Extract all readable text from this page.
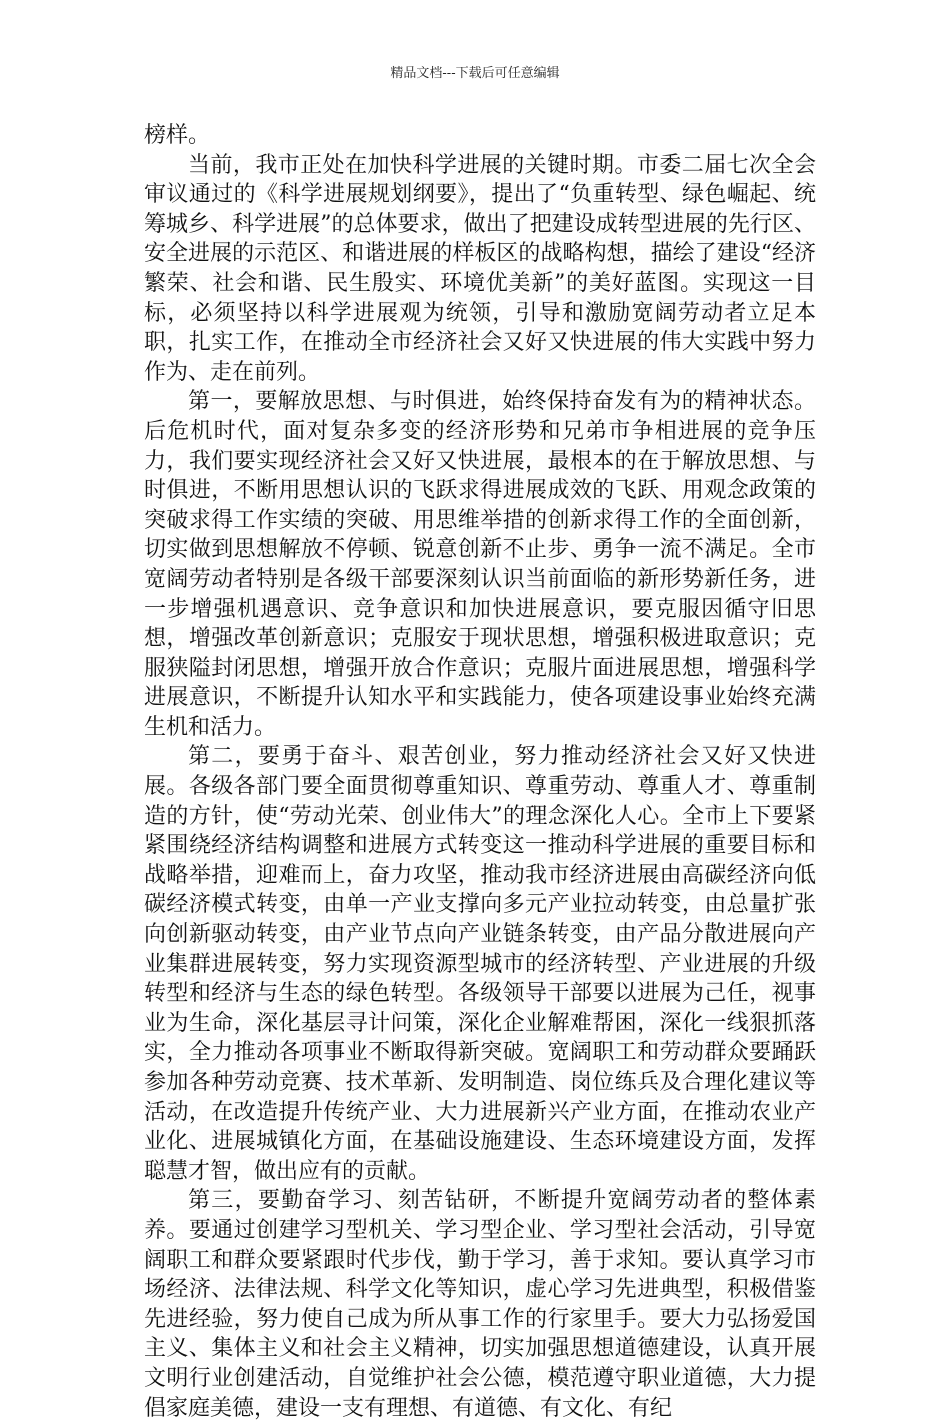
精品文档---下载后可任意编辑

榜样。

当前，我市正处在加快科学进展的关键时期。市委二届七次全会审议通过的《科学进展规划纲要》，提出了“负重转型、绿色崛起、统筹城乡、科学进展”的总体要求，做出了把建设成转型进展的先行区、安全进展的示范区、和谐进展的样板区的战略构想，描绘了建设“经济繁荣、社会和谐、民生殷实、环境优美新”的美好蓝图。实现这一目标，必须坚持以科学进展观为统领，引导和激励宽阔劳动者立足本职，扎实工作，在推动全市经济社会又好又快进展的伟大实践中努力作为、走在前列。

第一，要解放思想、与时俱进，始终保持奋发有为的精神状态。后危机时代，面对复杂多变的经济形势和兄弟市争相进展的竞争压力，我们要实现经济社会又好又快进展，最根本的在于解放思想、与时俱进，不断用思想认识的飞跃求得进展成效的飞跃、用观念政策的突破求得工作实绩的突破、用思维举措的创新求得工作的全面创新，切实做到思想解放不停顿、锐意创新不止步、勇争一流不满足。全市宽阔劳动者特别是各级干部要深刻认识当前面临的新形势新任务，进一步增强机遇意识、竞争意识和加快进展意识，要克服因循守旧思想，增强改革创新意识；克服安于现状思想，增强积极进取意识；克服狭隘封闭思想，增强开放合作意识；克服片面进展思想，增强科学进展意识，不断提升认知水平和实践能力，使各项建设事业始终充满生机和活力。

第二，要勇于奋斗、艰苦创业，努力推动经济社会又好又快进展。各级各部门要全面贯彻尊重知识、尊重劳动、尊重人才、尊重制造的方针，使“劳动光荣、创业伟大”的理念深化人心。全市上下要紧紧围绕经济结构调整和进展方式转变这一推动科学进展的重要目标和战略举措，迎难而上，奋力攻坚，推动我市经济进展由高碳经济向低碳经济模式转变，由单一产业支撑向多元产业拉动转变，由总量扩张向创新驱动转变，由产业节点向产业链条转变，由产品分散进展向产业集群进展转变，努力实现资源型城市的经济转型、产业进展的升级转型和经济与生态的绿色转型。各级领导干部要以进展为己任，视事业为生命，深化基层寻计问策，深化企业解难帮困，深化一线狠抓落实，全力推动各项事业不断取得新突破。宽阔职工和劳动群众要踊跃参加各种劳动竞赛、技术革新、发明制造、岗位练兵及合理化建议等活动，在改造提升传统产业、大力进展新兴产业方面，在推动农业产业化、进展城镇化方面，在基础设施建设、生态环境建设方面，发挥聪慧才智，做出应有的贡献。

第三，要勤奋学习、刻苦钻研，不断提升宽阔劳动者的整体素养。要通过创建学习型机关、学习型企业、学习型社会活动，引导宽阔职工和群众要紧跟时代步伐，勤于学习，善于求知。要认真学习市场经济、法律法规、科学文化等知识，虚心学习先进典型，积极借鉴先进经验，努力使自己成为所从事工作的行家里手。要大力弘扬爱国主义、集体主义和社会主义精神，切实加强思想道德建设，认真开展文明行业创建活动，自觉维护社会公德，模范遵守职业道德，大力提倡家庭美德，建设一支有理想、有道德、有文化、有纪
